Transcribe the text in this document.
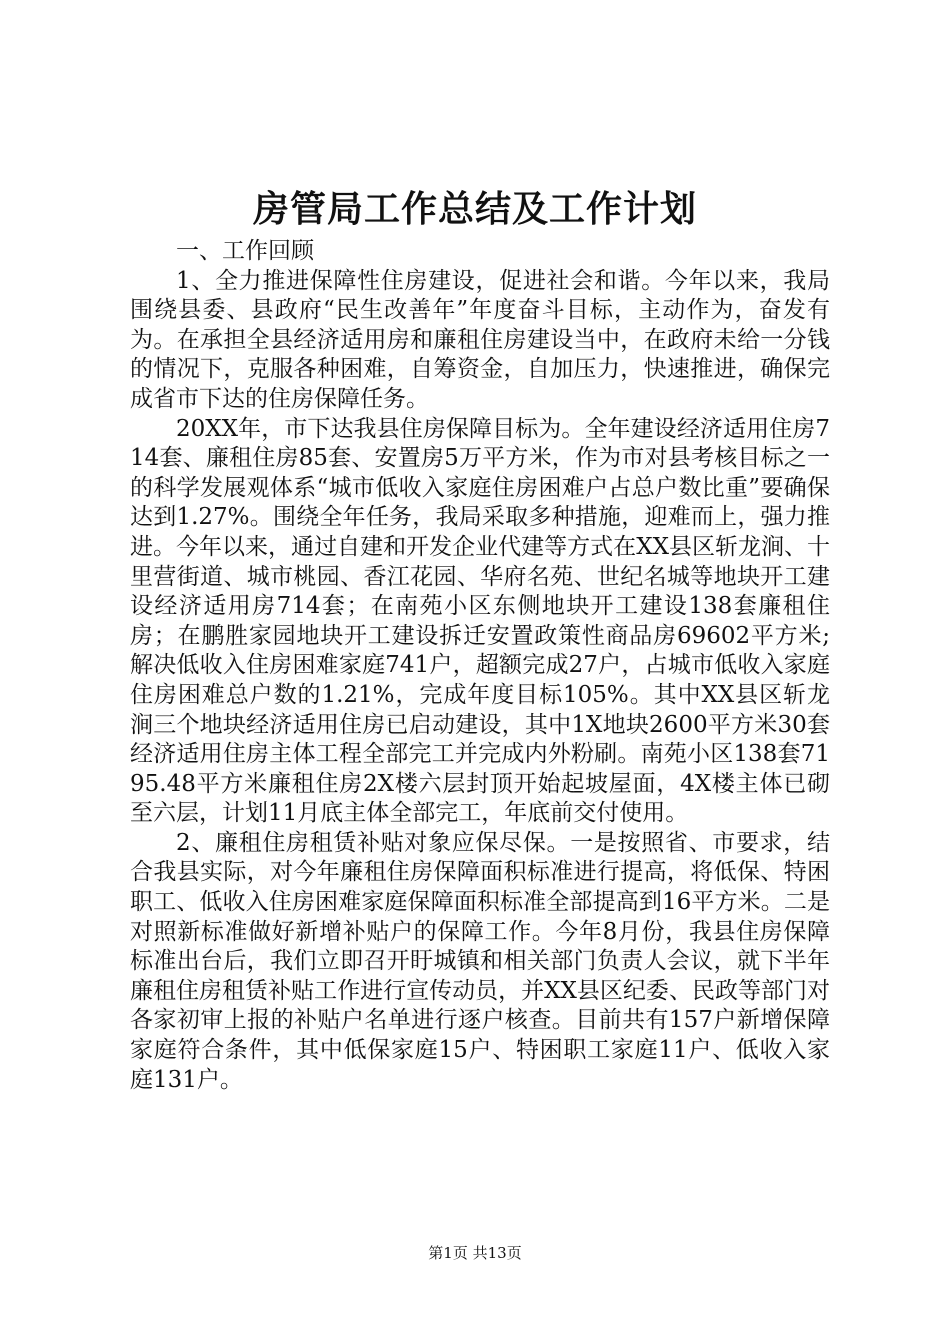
房管局工作总结及工作计划

一、工作回顾

1、全力推进保障性住房建设，促进社会和谐。今年以来，我局围绕县委、县政府“民生改善年”年度奋斗目标，主动作为，奋发有为。在承担全县经济适用房和廉租住房建设当中，在政府未给一分钱的情况下，克服各种困难，自筹资金，自加压力，快速推进，确保完成省市下达的住房保障任务。

20XX年，市下达我县住房保障目标为。全年建设经济适用住房714套、廉租住房85套、安置房5万平方米，作为市对县考核目标之一的科学发展观体系“城市低收入家庭住房困难户占总户数比重”要确保达到1.27%。围绕全年任务，我局采取多种措施，迎难而上，强力推进。今年以来，通过自建和开发企业代建等方式在XX县区斩龙涧、十里营街道、城市桃园、香江花园、华府名苑、世纪名城等地块开工建设经济适用房714套；在南苑小区东侧地块开工建设138套廉租住房；在鹏胜家园地块开工建设拆迁安置政策性商品房69602平方米;解决低收入住房困难家庭741户，超额完成27户，占城市低收入家庭住房困难总户数的1.21%，完成年度目标105%。其中XX县区斩龙涧三个地块经济适用住房已启动建设，其中1X地块2600平方米30套经济适用住房主体工程全部完工并完成内外粉刷。南苑小区138套7195.48平方米廉租住房2X楼六层封顶开始起坡屋面，4X楼主体已砌至六层，计划11月底主体全部完工，年底前交付使用。

2、廉租住房租赁补贴对象应保尽保。一是按照省、市要求，结合我县实际，对今年廉租住房保障面积标准进行提高，将低保、特困职工、低收入住房困难家庭保障面积标准全部提高到16平方米。二是对照新标准做好新增补贴户的保障工作。今年8月份，我县住房保障标准出台后，我们立即召开盱城镇和相关部门负责人会议，就下半年廉租住房租赁补贴工作进行宣传动员，并XX县区纪委、民政等部门对各家初审上报的补贴户名单进行逐户核查。目前共有157户新增保障家庭符合条件，其中低保家庭15户、特困职工家庭11户、低收入家庭131户。

第1页 共13页
